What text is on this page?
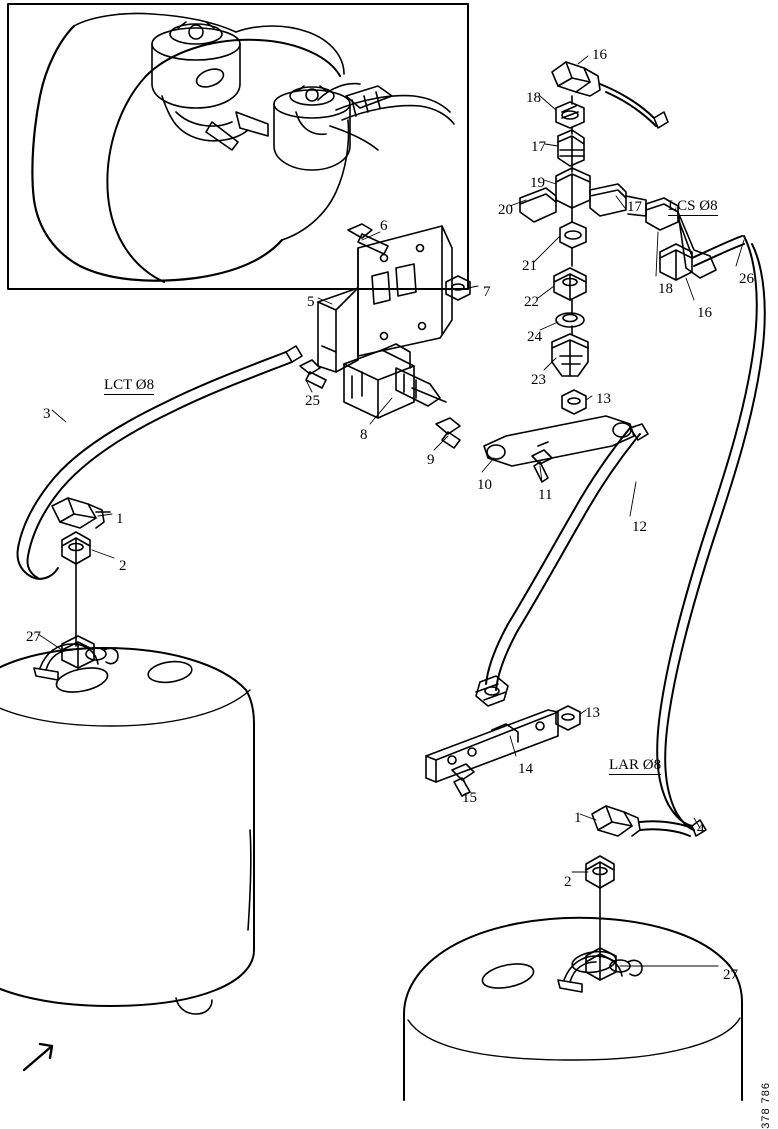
LCT Ø8
LCS Ø8
LAR Ø8
16
18
17
19
20	17
21
18
16
26
22
24
23
6
7
5
25
8
9
10
11
13
12
3
1
2
27
13
14
15
1
4
2
27
378 786
